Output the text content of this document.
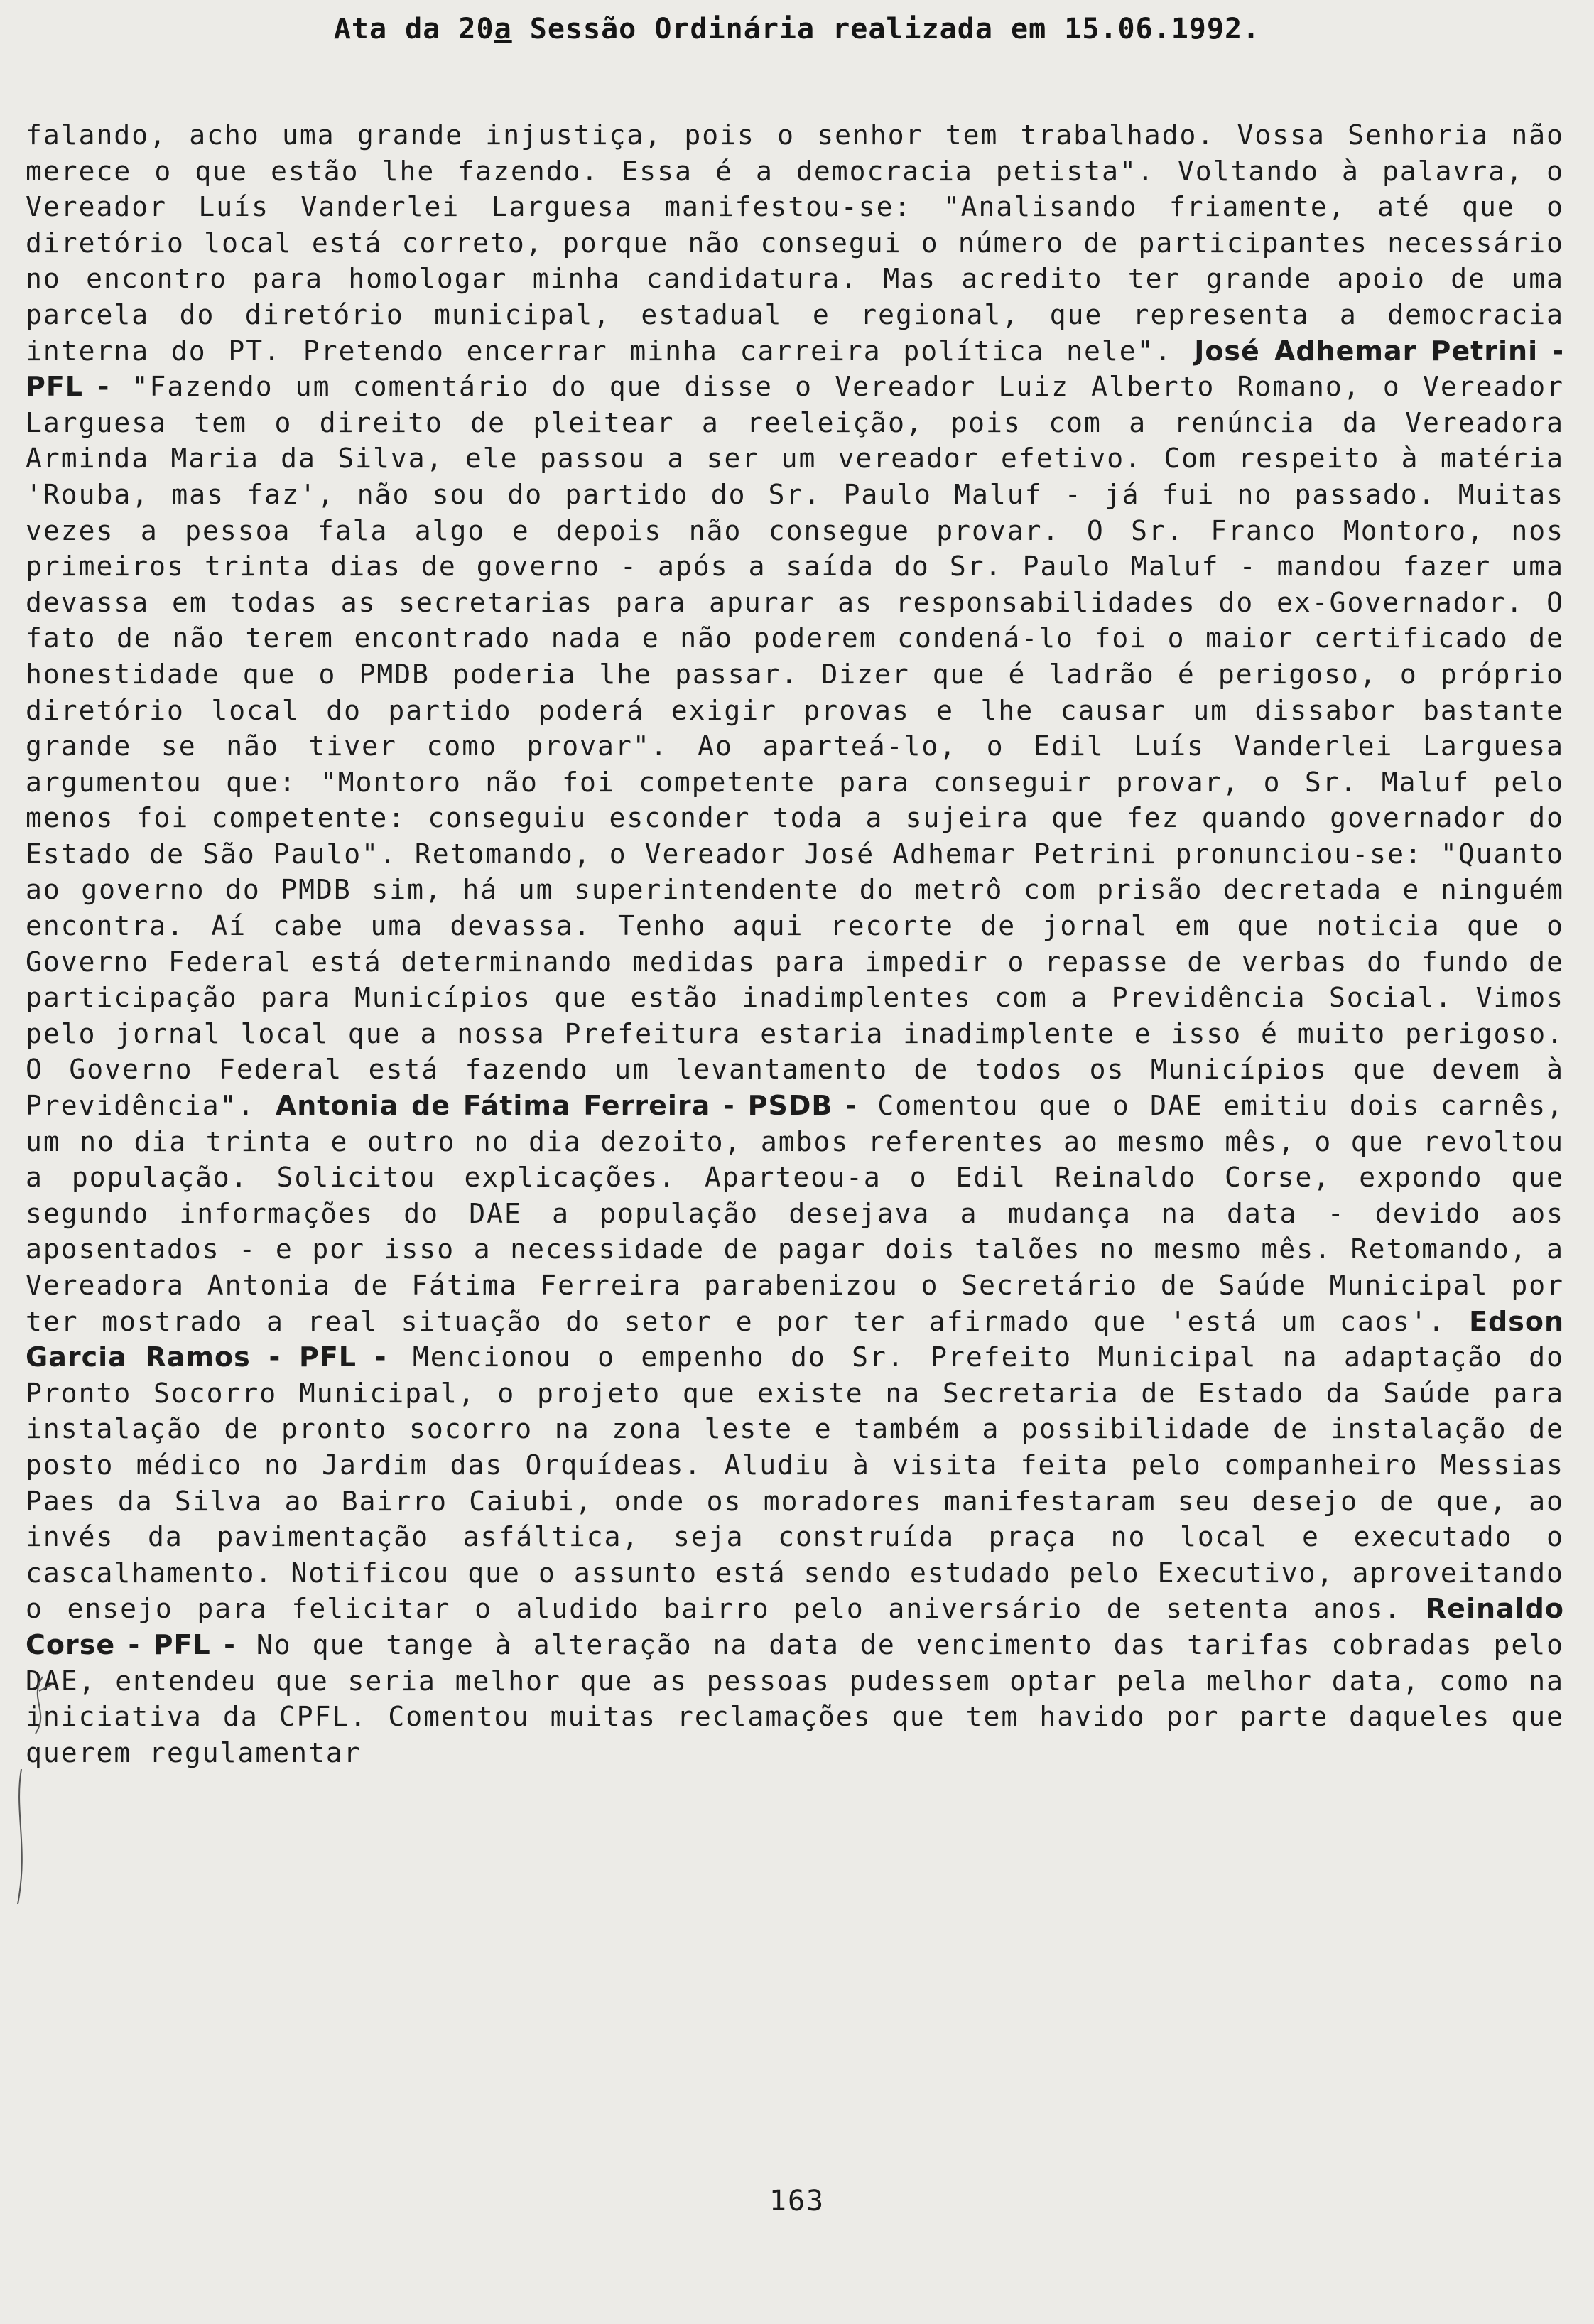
Ata da 20a Sessão Ordinária realizada em 15.06.1992.

falando, acho uma grande injustiça, pois o senhor tem trabalhado. Vossa Senhoria não merece o que estão lhe fazendo. Essa é a democracia petista". Voltando à palavra, o Vereador Luís Vanderlei Larguesa manifestou-se: "Analisando friamente, até que o diretório local está correto, porque não consegui o número de participantes necessário no encontro para homologar minha candidatura. Mas acredito ter grande apoio de uma parcela do diretório municipal, estadual e regional, que representa a democracia interna do PT. Pretendo encerrar minha carreira política nele". José Adhemar Petrini - PFL - "Fazendo um comentário do que disse o Vereador Luiz Alberto Romano, o Vereador Larguesa tem o direito de pleitear a reeleição, pois com a renúncia da Vereadora Arminda Maria da Silva, ele passou a ser um vereador efetivo. Com respeito à matéria 'Rouba, mas faz', não sou do partido do Sr. Paulo Maluf - já fui no passado. Muitas vezes a pessoa fala algo e depois não consegue provar. O Sr. Franco Montoro, nos primeiros trinta dias de governo - após a saída do Sr. Paulo Maluf - mandou fazer uma devassa em todas as secretarias para apurar as responsabilidades do ex-Governador. O fato de não terem encontrado nada e não poderem condená-lo foi o maior certificado de honestidade que o PMDB poderia lhe passar. Dizer que é ladrão é perigoso, o próprio diretório local do partido poderá exigir provas e lhe causar um dissabor bastante grande se não tiver como provar". Ao aparteá-lo, o Edil Luís Vanderlei Larguesa argumentou que: "Montoro não foi competente para conseguir provar, o Sr. Maluf pelo menos foi competente: conseguiu esconder toda a sujeira que fez quando governador do Estado de São Paulo". Retomando, o Vereador José Adhemar Petrini pronunciou-se: "Quanto ao governo do PMDB sim, há um superintendente do metrô com prisão decretada e ninguém encontra. Aí cabe uma devassa. Tenho aqui recorte de jornal em que noticia que o Governo Federal está determinando medidas para impedir o repasse de verbas do fundo de participação para Municípios que estão inadimplentes com a Previdência Social. Vimos pelo jornal local que a nossa Prefeitura estaria inadimplente e isso é muito perigoso. O Governo Federal está fazendo um levantamento de todos os Municípios que devem à Previdência". Antonia de Fátima Ferreira - PSDB - Comentou que o DAE emitiu dois carnês, um no dia trinta e outro no dia dezoito, ambos referentes ao mesmo mês, o que revoltou a população. Solicitou explicações. Aparteou-a o Edil Reinaldo Corse, expondo que segundo informações do DAE a população desejava a mudança na data - devido aos aposentados - e por isso a necessidade de pagar dois talões no mesmo mês. Retomando, a Vereadora Antonia de Fátima Ferreira parabenizou o Secretário de Saúde Municipal por ter mostrado a real situação do setor e por ter afirmado que 'está um caos'. Edson Garcia Ramos - PFL - Mencionou o empenho do Sr. Prefeito Municipal na adaptação do Pronto Socorro Municipal, o projeto que existe na Secretaria de Estado da Saúde para instalação de pronto socorro na zona leste e também a possibilidade de instalação de posto médico no Jardim das Orquídeas. Aludiu à visita feita pelo companheiro Messias Paes da Silva ao Bairro Caiubi, onde os moradores manifestaram seu desejo de que, ao invés da pavimentação asfáltica, seja construída praça no local e executado o cascalhamento. Notificou que o assunto está sendo estudado pelo Executivo, aproveitando o ensejo para felicitar o aludido bairro pelo aniversário de setenta anos. Reinaldo Corse - PFL - No que tange à alteração na data de vencimento das tarifas cobradas pelo DAE, entendeu que seria melhor que as pessoas pudessem optar pela melhor data, como na iniciativa da CPFL. Comentou muitas reclamações que tem havido por parte daqueles que querem regulamentar

163
